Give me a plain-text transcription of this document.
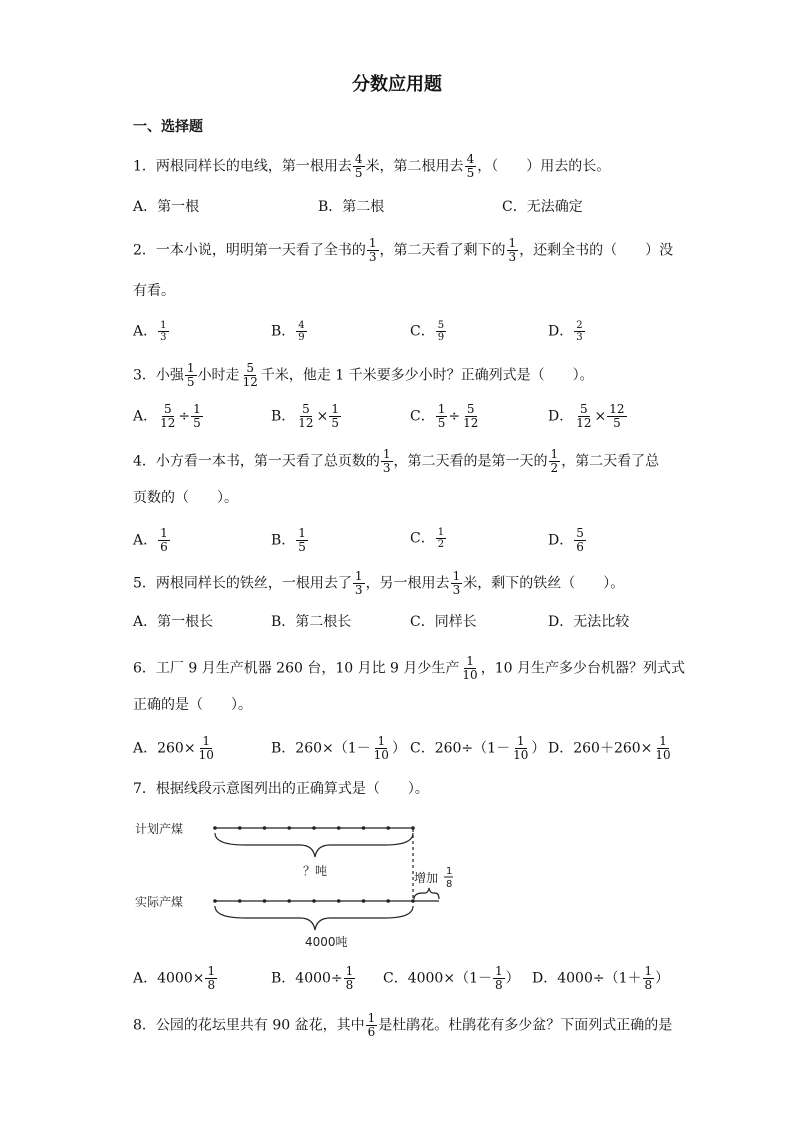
分数应用题
一、选择题
1．两根同样长的电线，第一根用去 $\frac{4}{5}$ 米，第二根用去 $\frac{4}{5}$ ，（　　）用去的长。
A．第一根	B．第二根	C．无法确定
2．一本小说，明明第一天看了全书的 $\frac{1}{3}$ ，第二天看了剩下的 $\frac{1}{3}$ ，还剩全书的（　　）没
有看。
A． $\frac{1}{3}$	B． $\frac{4}{9}$	C． $\frac{5}{9}$	D． $\frac{2}{3}$
3．小强 $\frac{1}{5}$ 小时走 $\frac{5}{12}$ 千米，他走 1 千米要多少小时？正确列式是（　　）。
A． $\frac{5}{12} \div \frac{1}{5}$	B． $\frac{5}{12} \times \frac{1}{5}$	C． $\frac{1}{5} \div \frac{5}{12}$	D． $\frac{5}{12} \times \frac{12}{5}$
4．小方看一本书，第一天看了总页数的 $\frac{1}{3}$ ，第二天看的是第一天的 $\frac{1}{2}$ ，第二天看了总
页数的（　　）。
A． $\frac{1}{6}$	B． $\frac{1}{5}$	C． $\frac{1}{2}$	D． $\frac{5}{6}$
5．两根同样长的铁丝，一根用去了 $\frac{1}{3}$ ，另一根用去 $\frac{1}{3}$ 米，剩下的铁丝（　　）。
A．第一根长	B．第二根长	C．同样长	D．无法比较
6．工厂 9 月生产机器 260 台，10 月比 9 月少生产 $\frac{1}{10}$ ，10 月生产多少台机器？列式式
正确的是（　　）。
A．$260\times \frac{1}{10}$	B．$260\times(1- \frac{1}{10}$ ） C．$260\div(1- \frac{1}{10}$ ） D．$260+260\times \frac{1}{10}$
7．根据线段示意图列出的正确算式是（　　）。
计划产煤
？吨	增加 1
8
实际产煤
4000吨
A．$4000\times \frac{1}{8}$	B．$4000\div \frac{1}{8}$ C．$4000\times(1- \frac{1}{8}$ ） D．$4000\div(1+ \frac{1}{8}$ ）
8．公园的花坛里共有 90 盆花，其中 $\frac{1}{6}$ 是杜鹃花。杜鹃花有多少盆？下面列式正确的是
